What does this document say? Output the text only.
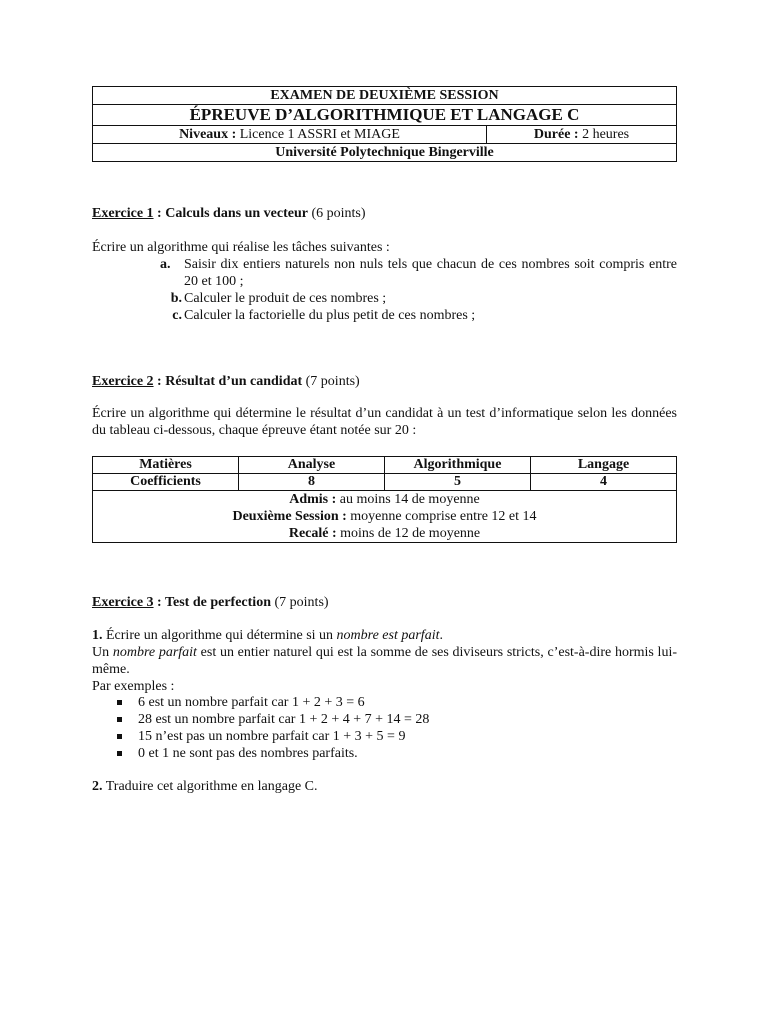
EXAMEN DE DEUXIÈME SESSION
ÉPREUVE D’ALGORITHMIQUE ET LANGAGE C
Niveaux : Licence 1 ASSRI et MIAGE	Durée : 2 heures
Université Polytechnique Bingerville
Exercice 1 : Calculs dans un vecteur (6 points)
Écrire un algorithme qui réalise les tâches suivantes :
a. Saisir dix entiers naturels non nuls tels que chacun de ces nombres soit compris entre 20 et 100 ;
b. Calculer le produit de ces nombres ;
c. Calculer la factorielle du plus petit de ces nombres ;
Exercice 2 : Résultat d’un candidat (7 points)
Écrire un algorithme qui détermine le résultat d’un candidat à un test d’informatique selon les données du tableau ci-dessous, chaque épreuve étant notée sur 20 :
Matières	Analyse	Algorithmique	Langage
Coefficients	8	5	4

Admis : au moins 14 de moyenne
Deuxième Session : moyenne comprise entre 12 et 14
Recalé : moins de 12 de moyenne			
Exercice 3 : Test de perfection (7 points)
1. Écrire un algorithme qui détermine si un nombre est parfait.
Un nombre parfait est un entier naturel qui est la somme de ses diviseurs stricts, c’est-à-dire hormis lui-même.
Par exemples :
6 est un nombre parfait car 1 + 2 + 3 = 6
28 est un nombre parfait car 1 + 2 + 4 + 7 + 14 = 28
15 n’est pas un nombre parfait car 1 + 3 + 5 = 9
0 et 1 ne sont pas des nombres parfaits.
2. Traduire cet algorithme en langage C.
